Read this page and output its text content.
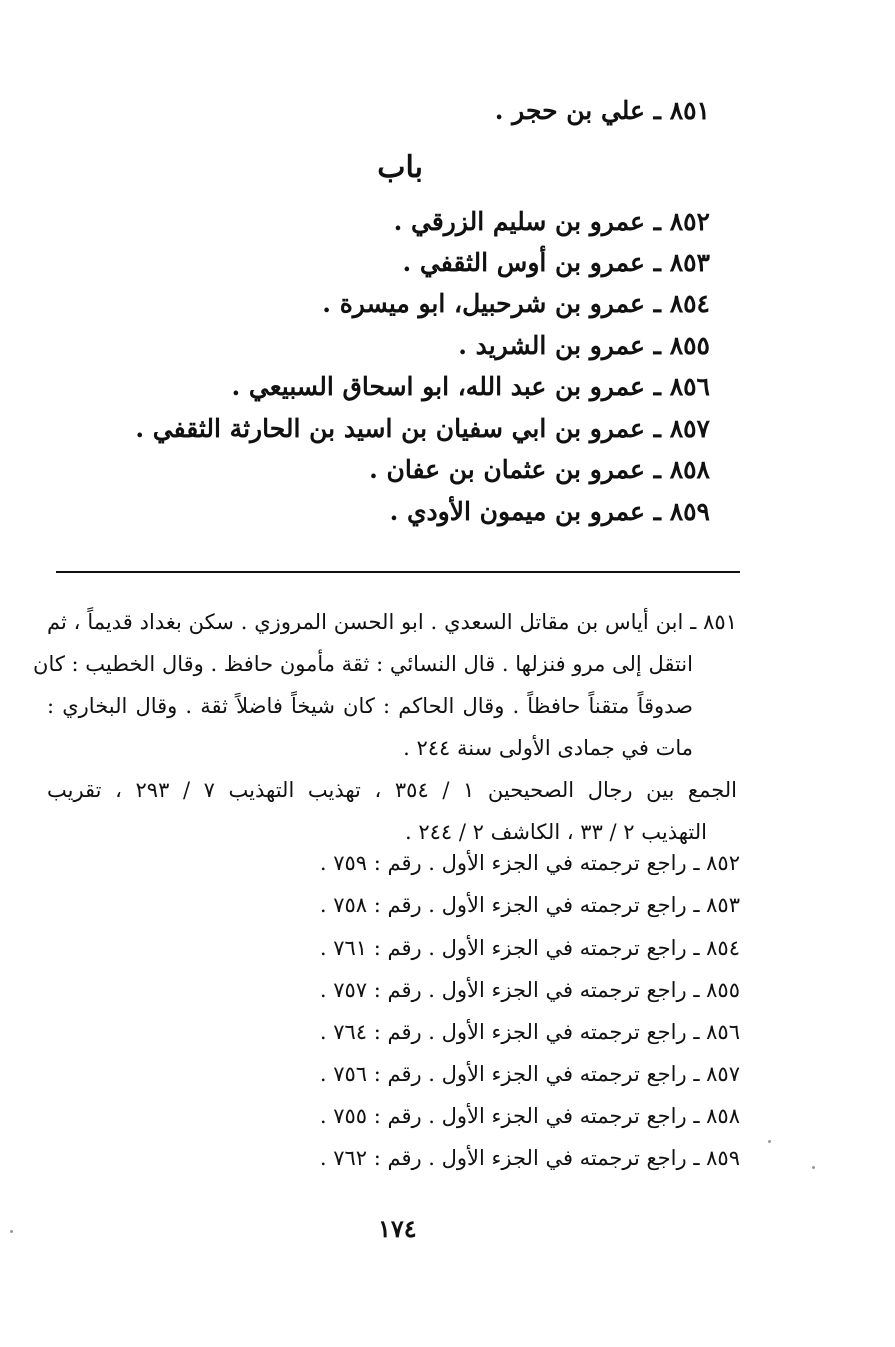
٨٥١ ـ علي بن حجر .
باب
٨٥٢ ـ عمرو بن سليم الزرقي .
٨٥٣ ـ عمرو بن أوس الثقفي .
٨٥٤ ـ عمرو بن شرحبيل، ابو ميسرة .
٨٥٥ ـ عمرو بن الشريد .
٨٥٦ ـ عمرو بن عبد الله، ابو اسحاق السبيعي .
٨٥٧ ـ عمرو بن ابي سفيان بن اسيد بن الحارثة الثقفي .
٨٥٨ ـ عمرو بن عثمان بن عفان .
٨٥٩ ـ عمرو بن ميمون الأودي .
٨٥١ ـ ابن أياس بن مقاتل السعدي . ابو الحسن المروزي . سكن بغداد قديماً ، ثم
انتقل إلى مرو فنزلها . قال النسائي : ثقة مأمون حافظ . وقال الخطيب : كان
صدوقاً متقناً حافظاً . وقال الحاكم : كان شيخاً فاضلاً ثقة . وقال البخاري :
مات في جمادى الأولى سنة ٢٤٤ .
الجمع بين رجال الصحيحين ١ / ٣٥٤ ، تهذيب التهذيب ٧ / ٢٩٣ ، تقريب
التهذيب ٢ / ٣٣ ، الكاشف ٢ / ٢٤٤ .
٨٥٢ ـ راجع ترجمته في الجزء الأول . رقم : ٧٥٩ .
٨٥٣ ـ راجع ترجمته في الجزء الأول . رقم : ٧٥٨ .
٨٥٤ ـ راجع ترجمته في الجزء الأول . رقم : ٧٦١ .
٨٥٥ ـ راجع ترجمته في الجزء الأول . رقم : ٧٥٧ .
٨٥٦ ـ راجع ترجمته في الجزء الأول . رقم : ٧٦٤ .
٨٥٧ ـ راجع ترجمته في الجزء الأول . رقم : ٧٥٦ .
٨٥٨ ـ راجع ترجمته في الجزء الأول . رقم : ٧٥٥ .
٨٥٩ ـ راجع ترجمته في الجزء الأول . رقم : ٧٦٢ .
١٧٤
